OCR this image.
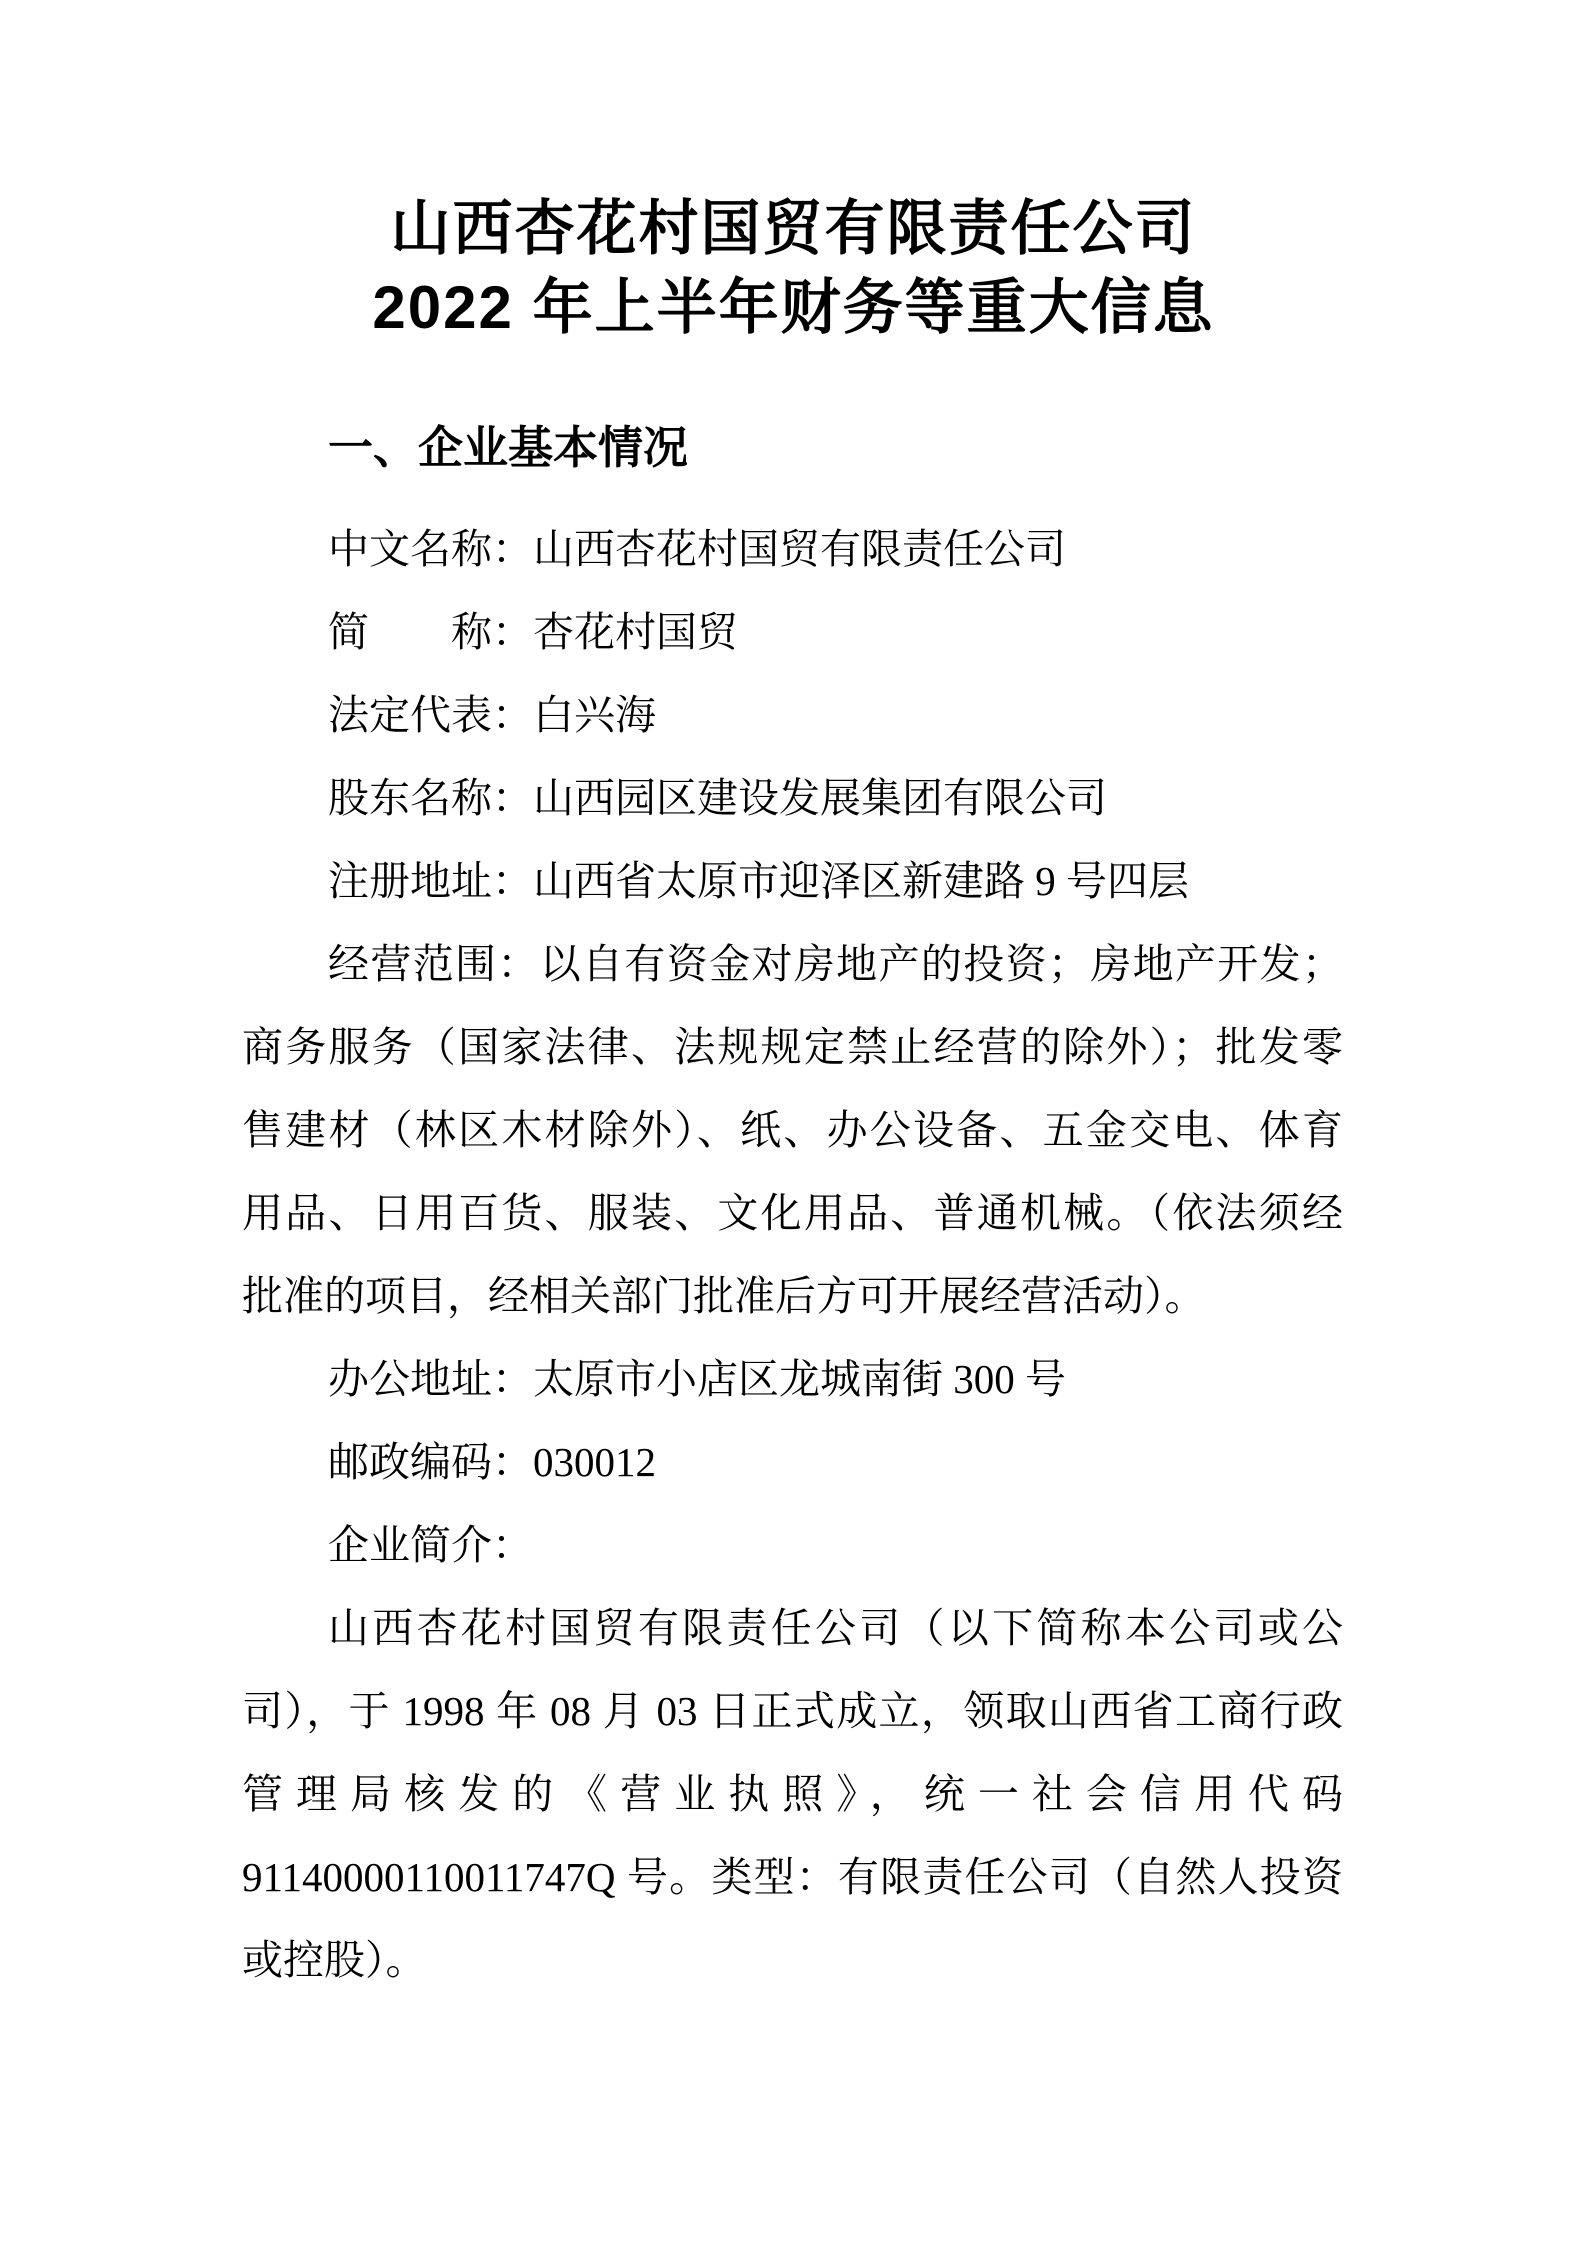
山西杏花村国贸有限责任公司
2022 年上半年财务等重大信息
一、企业基本情况
中文名称：山西杏花村国贸有限责任公司
简　　称：杏花村国贸
法定代表：白兴海
股东名称：山西园区建设发展集团有限公司
注册地址：山西省太原市迎泽区新建路 9 号四层
经营范围：以自有资金对房地产的投资；房地产开发；
商务服务（国家法律、法规规定禁止经营的除外）；批发零
售建材（林区木材除外）、纸、办公设备、五金交电、体育
用品、日用百货、服装、文化用品、普通机械。（依法须经
批准的项目，经相关部门批准后方可开展经营活动）。
办公地址：太原市小店区龙城南街 300 号
邮政编码：030012
企业简介：
山西杏花村国贸有限责任公司（以下简称本公司或公
司），于 1998 年 08 月 03 日正式成立，领取山西省工商行政
管理局核发的《营业执照》，统一社会信用代码
91140000110011747Q 号。类型：有限责任公司（自然人投资
或控股）。
